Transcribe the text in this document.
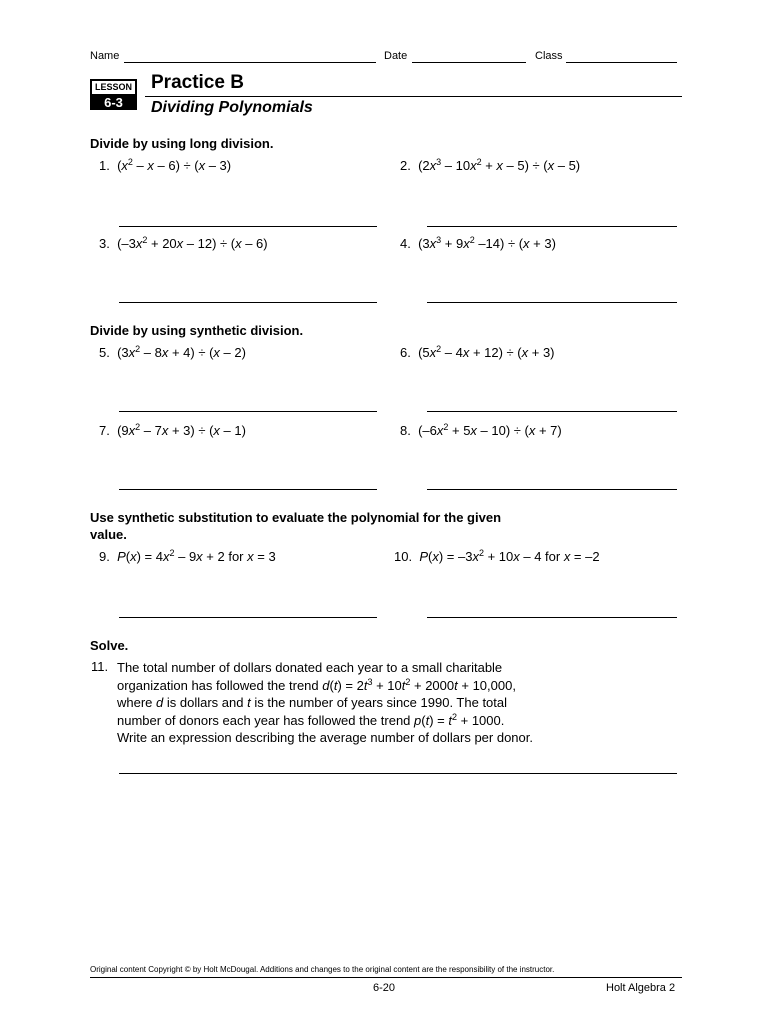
Name	Date	Class
LESSON
6-3
Practice B
Dividing Polynomials
Divide by using long division.
1.  $(x^2 - x - 6) \div (x - 3)$	2.  $(2x^3 - 10x^2 + x - 5) \div (x - 5)$
3.  $(-3x^2 + 20x - 12) \div (x - 6)$	4.  ($3x^3 + 9x^2$ –14) ÷ (x + 3)
Divide by using synthetic division.
5.  $(3x^2 - 8x + 4) \div (x - 2)$	6.  $(5x^2 - 4x + 12) \div (x + 3)$
7.  $(9x^2 - 7x + 3) \div (x - 1)$	8.  $(-6x^2 + 5x - 10) \div (x + 7)$
Use synthetic substitution to evaluate the polynomial for the given
value.
9. $P(x) = 4x^2 - 9x + 2$ for x = 3	10. $P(x) = -3x^2 + 10x - 4$ for x = –2
Solve.
11. The total number of dollars donated each year to a small charitable
organization has followed the trend $d(t) = 2t^3 + 10t^2 + 2000t + 10,000$,
where d is dollars and t is the number of years since 1990. The total
number of donors each year has followed the trend $p(t) = t^2 + 1000$.
Write an expression describing the average number of dollars per donor.
Original content Copyright © by Holt McDougal. Additions and changes to the original content are the responsibility of the instructor.
6-20	Holt Algebra 2
